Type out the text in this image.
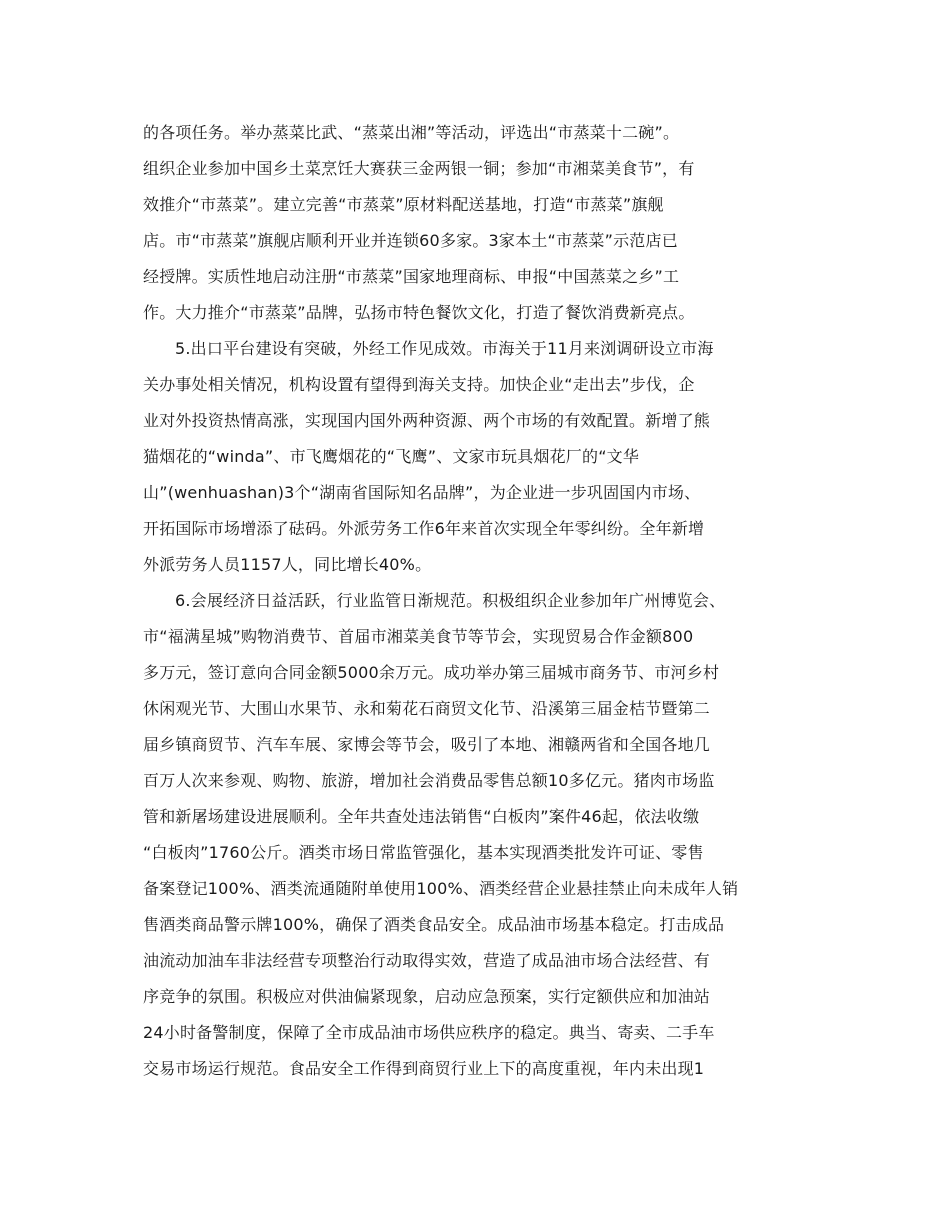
的各项任务。举办蒸菜比武、“蒸菜出湘”等活动，评选出“市蒸菜十二碗”。
组织企业参加中国乡土菜烹饪大赛获三金两银一铜；参加“市湘菜美食节”，有
效推介“市蒸菜”。建立完善“市蒸菜”原材料配送基地，打造“市蒸菜”旗舰
店。市“市蒸菜”旗舰店顺利开业并连锁60多家。3家本土“市蒸菜”示范店已
经授牌。实质性地启动注册“市蒸菜”国家地理商标、申报“中国蒸菜之乡”工
作。大力推介“市蒸菜”品牌，弘扬市特色餐饮文化，打造了餐饮消费新亮点。
5.出口平台建设有突破，外经工作见成效。市海关于11月来浏调研设立市海
关办事处相关情况，机构设置有望得到海关支持。加快企业“走出去”步伐，企
业对外投资热情高涨，实现国内国外两种资源、两个市场的有效配置。新增了熊
猫烟花的“winda”、市飞鹰烟花的“飞鹰”、文家市玩具烟花厂的“文华
山”(wenhuashan)3个“湖南省国际知名品牌”，为企业进一步巩固国内市场、
开拓国际市场增添了砝码。外派劳务工作6年来首次实现全年零纠纷。全年新增
外派劳务人员1157人，同比增长40%。
6.会展经济日益活跃，行业监管日渐规范。积极组织企业参加年广州博览会、
市“福满星城”购物消费节、首届市湘菜美食节等节会，实现贸易合作金额800
多万元，签订意向合同金额5000余万元。成功举办第三届城市商务节、市河乡村
休闲观光节、大围山水果节、永和菊花石商贸文化节、沿溪第三届金桔节暨第二
届乡镇商贸节、汽车车展、家博会等节会，吸引了本地、湘赣两省和全国各地几
百万人次来参观、购物、旅游，增加社会消费品零售总额10多亿元。猪肉市场监
管和新屠场建设进展顺利。全年共查处违法销售“白板肉”案件46起，依法收缴
“白板肉”1760公斤。酒类市场日常监管强化，基本实现酒类批发许可证、零售
备案登记100%、酒类流通随附单使用100%、酒类经营企业悬挂禁止向未成年人销
售酒类商品警示牌100%，确保了酒类食品安全。成品油市场基本稳定。打击成品
油流动加油车非法经营专项整治行动取得实效，营造了成品油市场合法经营、有
序竞争的氛围。积极应对供油偏紧现象，启动应急预案，实行定额供应和加油站
24小时备警制度，保障了全市成品油市场供应秩序的稳定。典当、寄卖、二手车
交易市场运行规范。食品安全工作得到商贸行业上下的高度重视，年内未出现1
